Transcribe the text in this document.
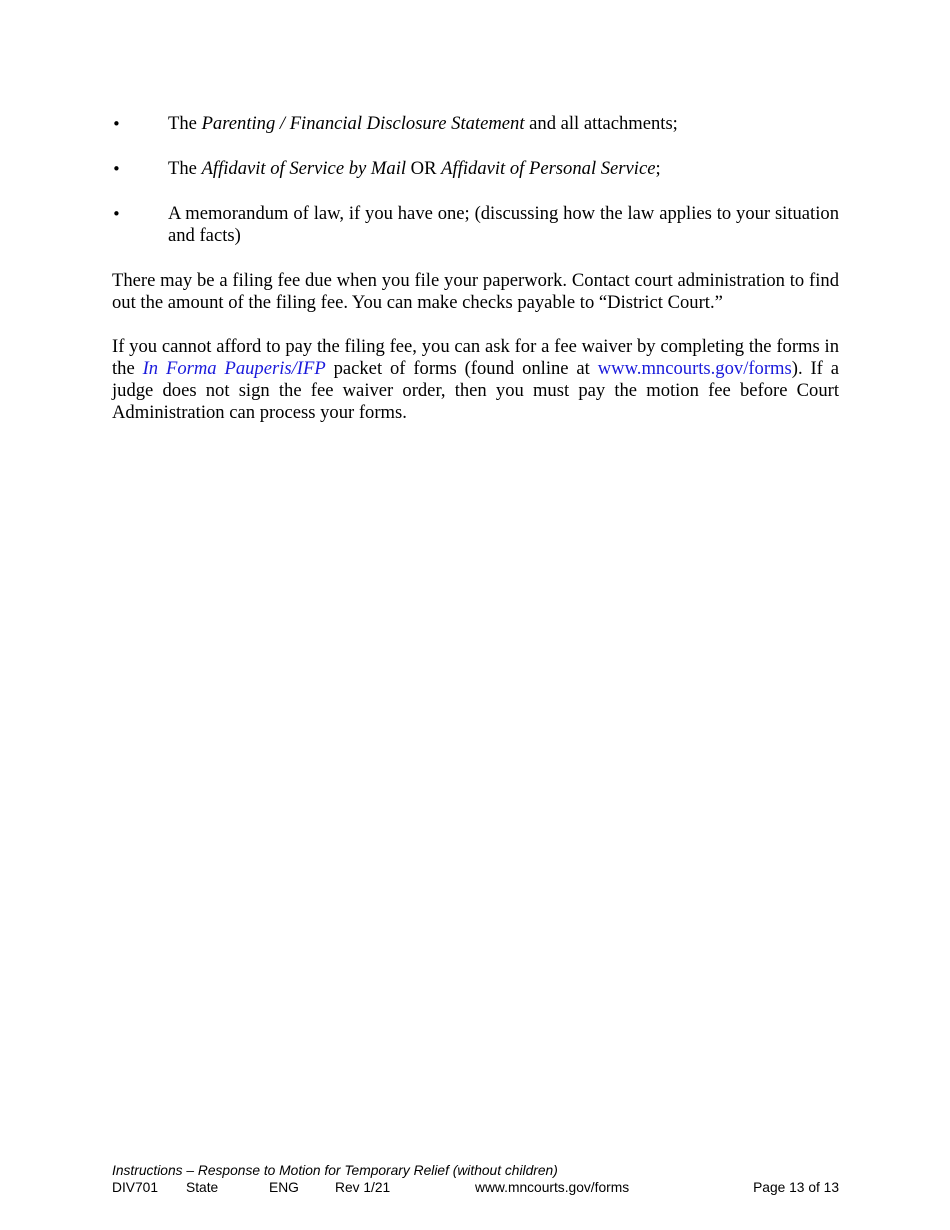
•	The Parenting / Financial Disclosure Statement and all attachments;
•	The Affidavit of Service by Mail OR Affidavit of Personal Service;
•	A memorandum of law, if you have one; (discussing how the law applies to your situation and facts)

There may be a filing fee due when you file your paperwork. Contact court administration to find out the amount of the filing fee. You can make checks payable to “District Court.”

If you cannot afford to pay the filing fee, you can ask for a fee waiver by completing the forms in the In Forma Pauperis/IFP packet of forms (found online at www.mncourts.gov/forms). If a judge does not sign the fee waiver order, then you must pay the motion fee before Court Administration can process your forms.

Instructions – Response to Motion for Temporary Relief (without children)
DIV701 State	ENG	Rev 1/21	www.mncourts.gov/forms	Page 13 of 13
